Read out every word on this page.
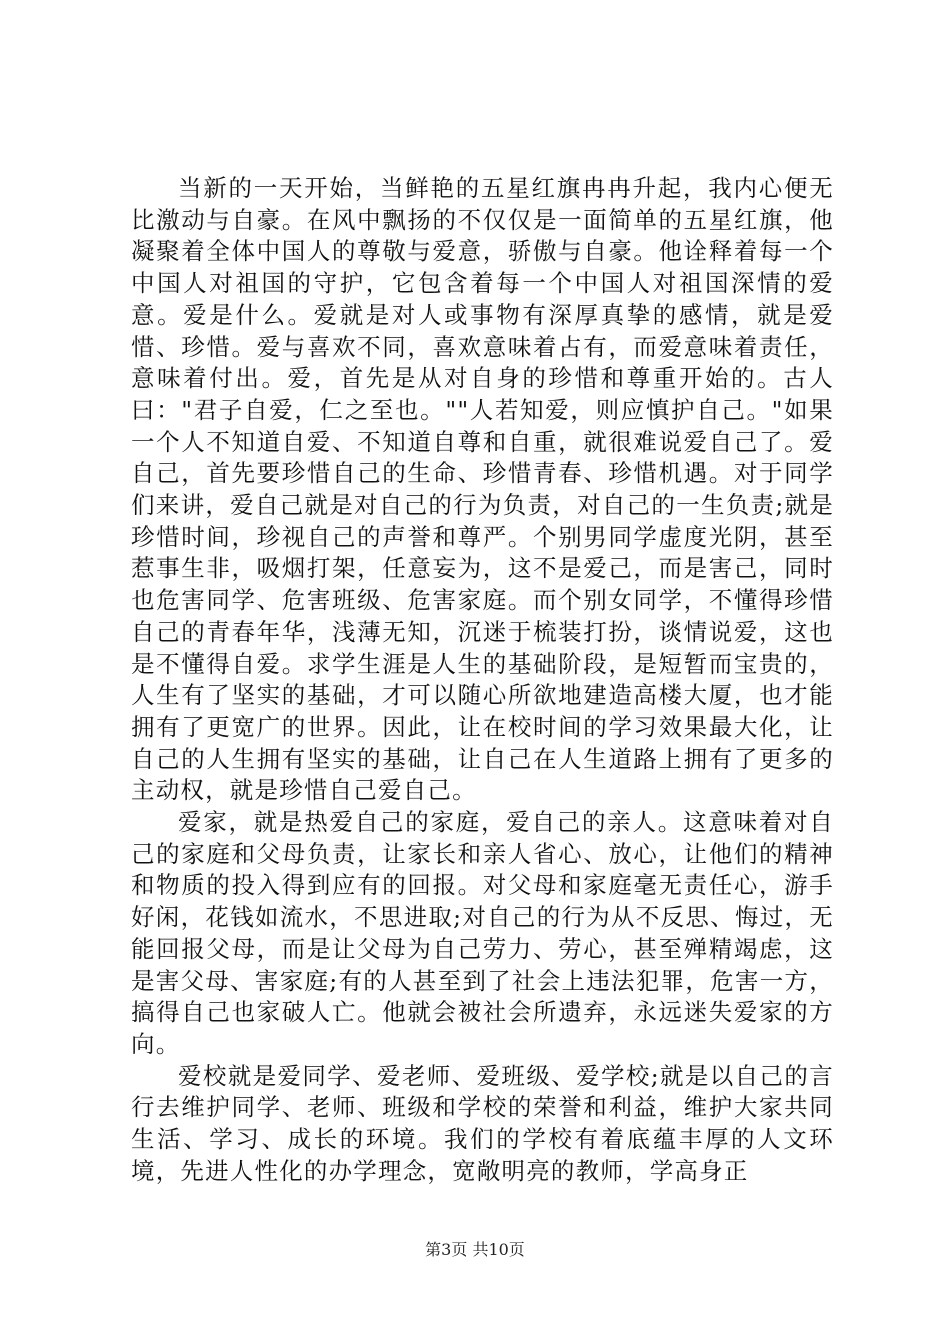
当新的一天开始，当鲜艳的五星红旗冉冉升起，我内心便无比激动与自豪。在风中飘扬的不仅仅是一面简单的五星红旗，他凝聚着全体中国人的尊敬与爱意，骄傲与自豪。他诠释着每一个中国人对祖国的守护，它包含着每一个中国人对祖国深情的爱意。爱是什么。爱就是对人或事物有深厚真挚的感情，就是爱惜、珍惜。爱与喜欢不同，喜欢意味着占有，而爱意味着责任，意味着付出。爱，首先是从对自身的珍惜和尊重开始的。古人曰："君子自爱，仁之至也。""人若知爱，则应慎护自己。"如果一个人不知道自爱、不知道自尊和自重，就很难说爱自己了。爱自己，首先要珍惜自己的生命、珍惜青春、珍惜机遇。对于同学们来讲，爱自己就是对自己的行为负责，对自己的一生负责;就是珍惜时间，珍视自己的声誉和尊严。个别男同学虚度光阴，甚至惹事生非，吸烟打架，任意妄为，这不是爱己，而是害己，同时也危害同学、危害班级、危害家庭。而个别女同学，不懂得珍惜自己的青春年华，浅薄无知，沉迷于梳装打扮，谈情说爱，这也是不懂得自爱。求学生涯是人生的基础阶段，是短暂而宝贵的，人生有了坚实的基础，才可以随心所欲地建造高楼大厦，也才能拥有了更宽广的世界。因此，让在校时间的学习效果最大化，让自己的人生拥有坚实的基础，让自己在人生道路上拥有了更多的主动权，就是珍惜自己爱自己。

爱家，就是热爱自己的家庭，爱自己的亲人。这意味着对自己的家庭和父母负责，让家长和亲人省心、放心，让他们的精神和物质的投入得到应有的回报。对父母和家庭毫无责任心，游手好闲，花钱如流水，不思进取;对自己的行为从不反思、悔过，无能回报父母，而是让父母为自己劳力、劳心，甚至殚精竭虑，这是害父母、害家庭;有的人甚至到了社会上违法犯罪，危害一方，搞得自己也家破人亡。他就会被社会所遗弃，永远迷失爱家的方向。

爱校就是爱同学、爱老师、爱班级、爱学校;就是以自己的言行去维护同学、老师、班级和学校的荣誉和利益，维护大家共同生活、学习、成长的环境。我们的学校有着底蕴丰厚的人文环境，先进人性化的办学理念，宽敞明亮的教师，学高身正

第3页 共10页
